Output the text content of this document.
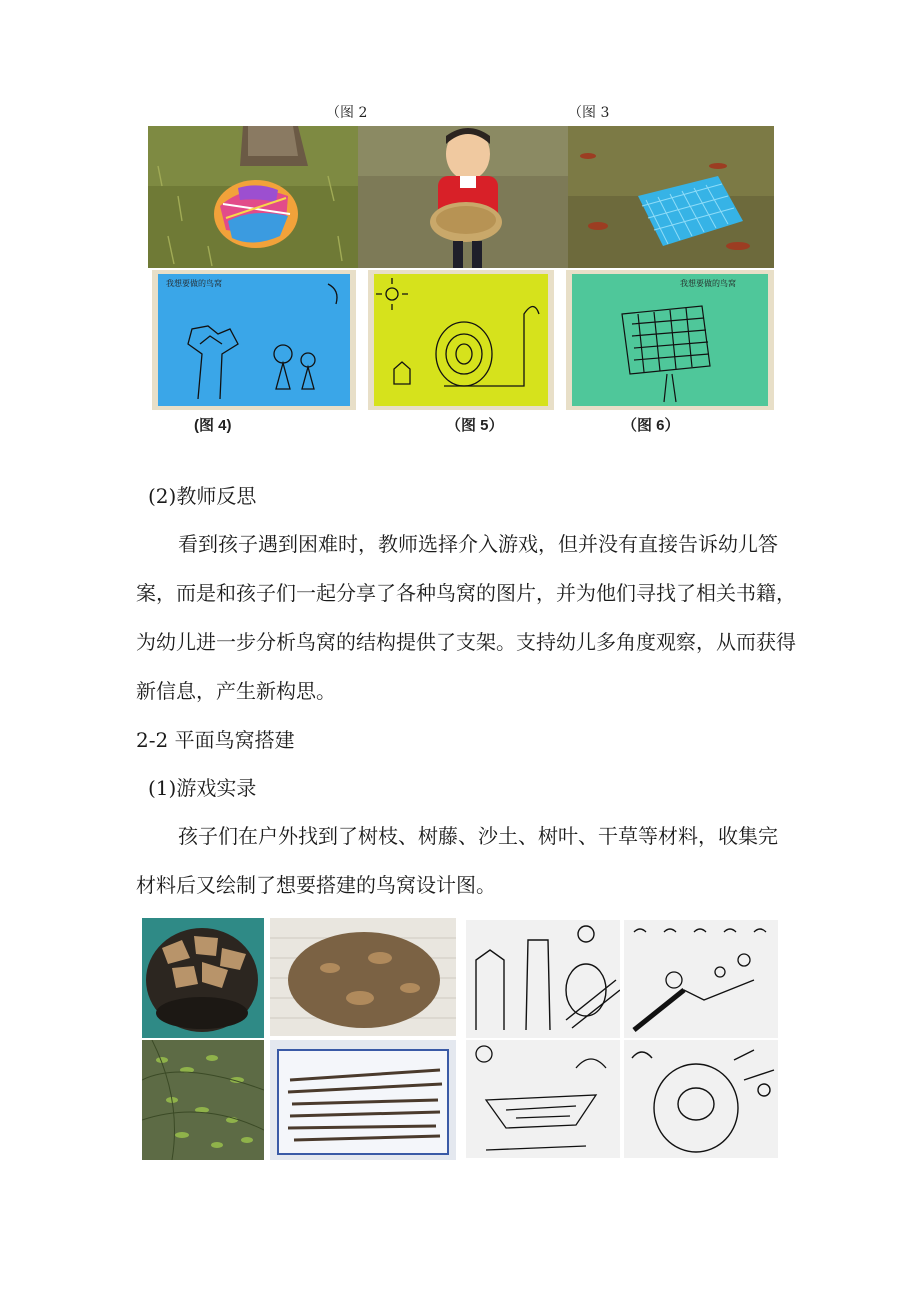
（图 2	（图 3
我想要做的鸟窝	我想要做的鸟窝
(图 4)	（图 5）	（图 6）
(2)教师反思
看到孩子遇到困难时，教师选择介入游戏，但并没有直接告诉幼儿答
案，而是和孩子们一起分享了各种鸟窝的图片，并为他们寻找了相关书籍，
为幼儿进一步分析鸟窝的结构提供了支架。支持幼儿多角度观察，从而获得
新信息，产生新构思。
2-2 平面鸟窝搭建
(1)游戏实录
孩子们在户外找到了树枝、树藤、沙土、树叶、干草等材料，收集完
材料后又绘制了想要搭建的鸟窝设计图。
